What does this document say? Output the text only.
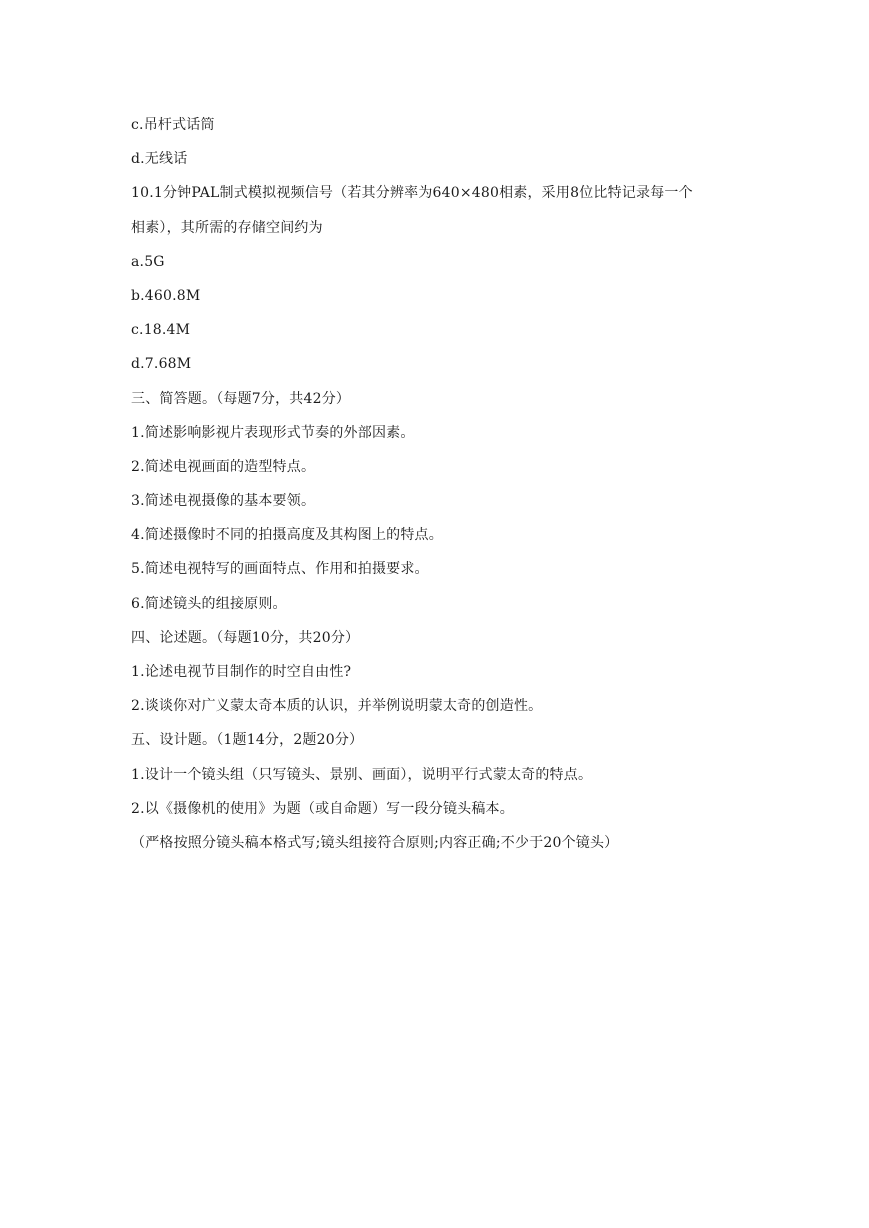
c.吊杆式话筒
d.无线话
10.1分钟PAL制式模拟视频信号（若其分辨率为640×480相素，采用8位比特记录每一个
相素），其所需的存储空间约为
a.5G
b.460.8M
c.18.4M
d.7.68M
三、简答题。（每题7分，共42分）
1.简述影响影视片表现形式节奏的外部因素。
2.简述电视画面的造型特点。
3.简述电视摄像的基本要领。
4.简述摄像时不同的拍摄高度及其构图上的特点。
5.简述电视特写的画面特点、作用和拍摄要求。
6.简述镜头的组接原则。
四、论述题。（每题10分，共20分）
1.论述电视节目制作的时空自由性?
2.谈谈你对广义蒙太奇本质的认识，并举例说明蒙太奇的创造性。
五、设计题。（1题14分，2题20分）
1.设计一个镜头组（只写镜头、景别、画面），说明平行式蒙太奇的特点。
2.以《摄像机的使用》为题（或自命题）写一段分镜头稿本。
（严格按照分镜头稿本格式写;镜头组接符合原则;内容正确;不少于20个镜头）
